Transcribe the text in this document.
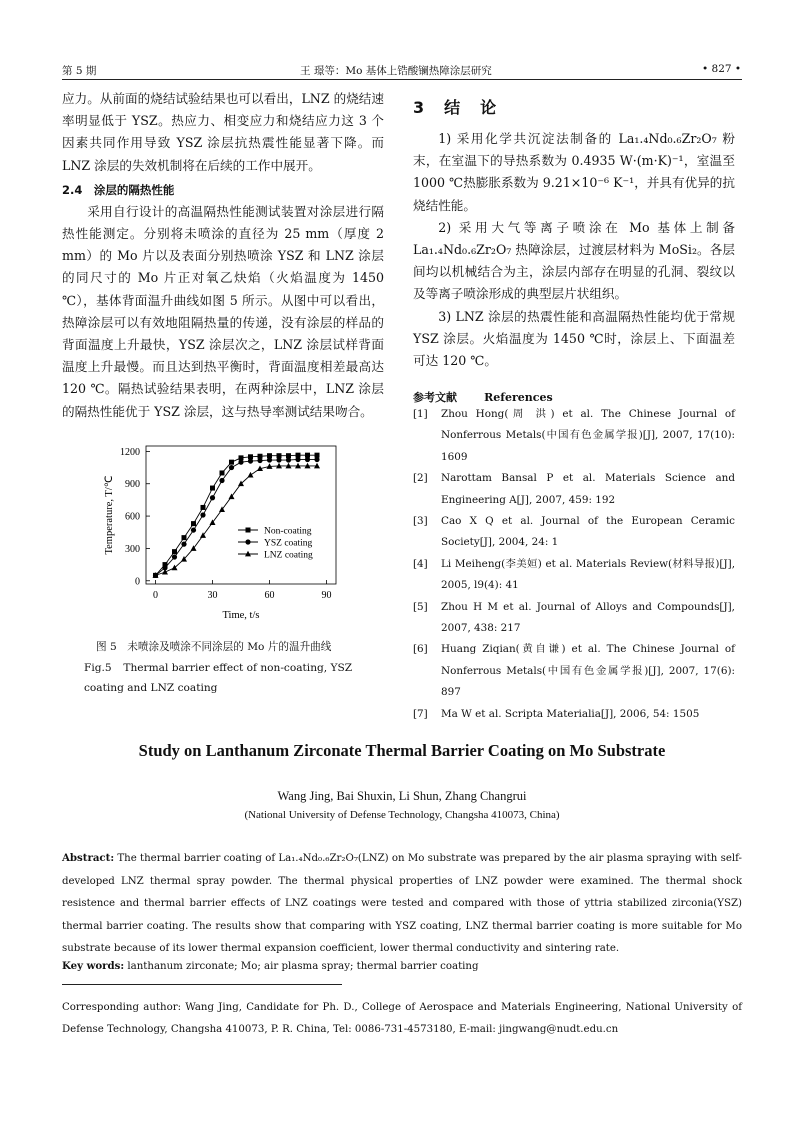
第 5 期	王 璟等：Mo 基体上锆酸镧热障涂层研究	• 827 •

应力。从前面的烧结试验结果也可以看出，LNZ 的烧结速率明显低于 YSZ。热应力、相变应力和烧结应力这 3 个因素共同作用导致 YSZ 涂层抗热震性能显著下降。而 LNZ 涂层的失效机制将在后续的工作中展开。

2.4　涂层的隔热性能

采用自行设计的高温隔热性能测试装置对涂层进行隔热性能测定。分别将未喷涂的直径为 25 mm（厚度 2 mm）的 Mo 片以及表面分别热喷涂 YSZ 和 LNZ 涂层的同尺寸的 Mo 片正对氧乙炔焰（火焰温度为 1450 ℃），基体背面温升曲线如图 5 所示。从图中可以看出，热障涂层可以有效地阻隔热量的传递，没有涂层的样品的背面温度上升最快，YSZ 涂层次之，LNZ 涂层试样背面温度上升最慢。而且达到热平衡时，背面温度相差最高达 120 ℃。隔热试验结果表明，在两种涂层中，LNZ 涂层的隔热性能优于 YSZ 涂层，这与热导率测试结果吻合。

0	30	60	90
0
300
600
900
1200
Time, t/s
Temperature, T/℃	Non-coating
YSZ coating
LNZ coating
图 5　未喷涂及喷涂不同涂层的 Mo 片的温升曲线
Fig.5 Thermal barrier effect of non-coating, YSZ coating and LNZ coating
3　结　论

1) 采用化学共沉淀法制备的 La₁.₄Nd₀.₆Zr₂O₇ 粉末，在室温下的导热系数为 0.4935 W·(m·K)⁻¹，室温至 1000 ℃热膨胀系数为 9.21×10⁻⁶ K⁻¹，并具有优异的抗烧结性能。

2) 采用大气等离子喷涂在 Mo 基体上制备 La₁.₄Nd₀.₆Zr₂O₇ 热障涂层，过渡层材料为 MoSi₂。各层间均以机械结合为主，涂层内部存在明显的孔洞、裂纹以及等离子喷涂形成的典型层片状组织。

3) LNZ 涂层的热震性能和高温隔热性能均优于常规 YSZ 涂层。火焰温度为 1450 ℃时，涂层上、下面温差可达 120 ℃。

参考文献 References
[1] Zhou Hong(周 洪) et al. The Chinese Journal of Nonferrous Metals(中国有色金属学报)[J], 2007, 17(10): 1609
[2] Narottam Bansal P et al. Materials Science and Engineering A[J], 2007, 459: 192
[3] Cao X Q et al. Journal of the European Ceramic Society[J], 2004, 24: 1
[4] Li Meiheng(李美姮) et al. Materials Review(材料导报)[J], 2005, l9(4): 41
[5] Zhou H M et al. Journal of Alloys and Compounds[J], 2007, 438: 217
[6] Huang Ziqian(黄自谦) et al. The Chinese Journal of Nonferrous Metals(中国有色金属学报)[J], 2007, 17(6): 897
[7] Ma W et al. Scripta Materialia[J], 2006, 54: 1505
Study on Lanthanum Zirconate Thermal Barrier Coating on Mo Substrate
Wang Jing, Bai Shuxin, Li Shun, Zhang Changrui
(National University of Defense Technology, Changsha 410073, China)
Abstract: The thermal barrier coating of La₁.₄Nd₀.₆Zr₂O₇(LNZ) on Mo substrate was prepared by the air plasma spraying with self-developed LNZ thermal spray powder. The thermal physical properties of LNZ powder were examined. The thermal shock resistence and thermal barrier effects of LNZ coatings were tested and compared with those of yttria stabilized zirconia(YSZ) thermal barrier coating. The results show that comparing with YSZ coating, LNZ thermal barrier coating is more suitable for Mo substrate because of its lower thermal expansion coefficient, lower thermal conductivity and sintering rate.
Key words: lanthanum zirconate; Mo; air plasma spray; thermal barrier coating
Corresponding author: Wang Jing, Candidate for Ph. D., College of Aerospace and Materials Engineering, National University of Defense Technology, Changsha 410073, P. R. China, Tel: 0086-731-4573180, E-mail: jingwang@nudt.edu.cn
